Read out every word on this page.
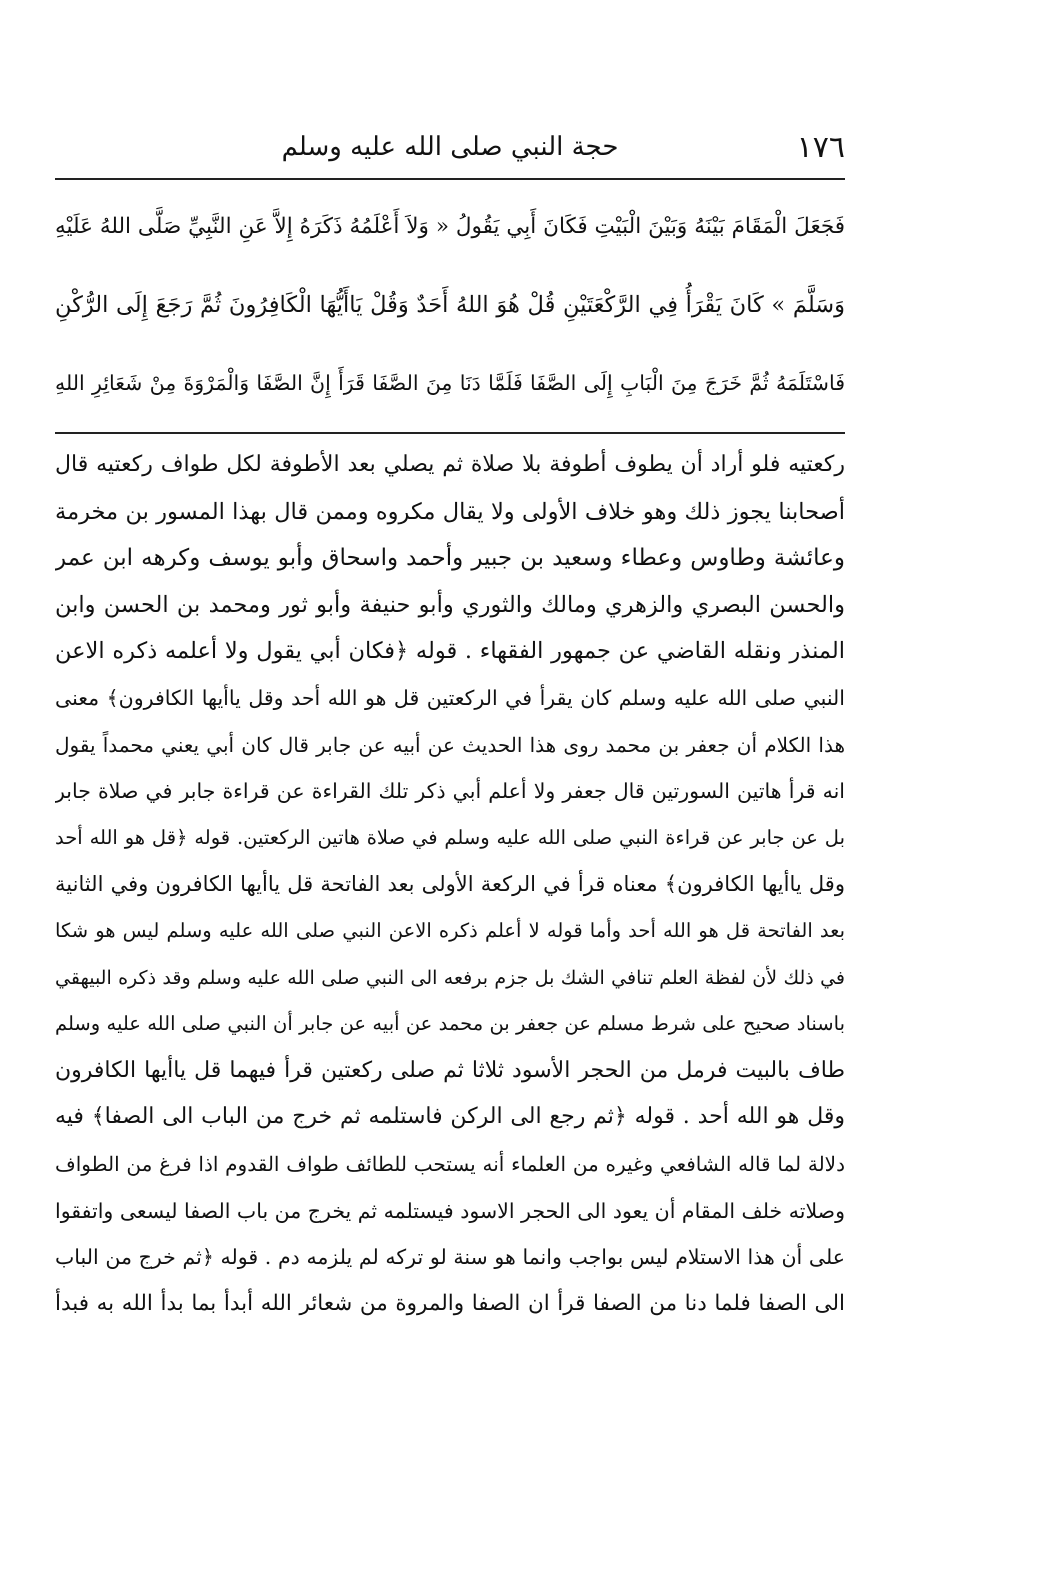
١٧٦
حجة النبي صلى الله عليه وسلم
فَجَعَلَ الْمَقَامَ بَيْنَهُ وَبَيْنَ الْبَيْتِ فَكَانَ أَبِي يَقُولُ « وَلاَ أَعْلَمُهُ ذَكَرَهُ إِلاَّ عَنِ النَّبِيِّ صَلَّى اللهُ عَلَيْهِ
وَسَلَّمَ » كَانَ يَقْرَأُ فِي الرَّكْعَتَيْنِ قُلْ هُوَ اللهُ أَحَدٌ وَقُلْ يَاأَيُّهَا الْكَافِرُونَ ثُمَّ رَجَعَ إِلَى الرُّكْنِ
فَاسْتَلَمَهُ ثُمَّ خَرَجَ مِنَ الْبَابِ إِلَى الصَّفَا فَلَمَّا دَنَا مِنَ الصَّفَا قَرَأَ إِنَّ الصَّفَا وَالْمَرْوَةَ مِنْ شَعَائِرِ اللهِ
ركعتيه فلو أراد أن يطوف أطوفة بلا صلاة ثم يصلي بعد الأطوفة لكل طواف ركعتيه قال
أصحابنا يجوز ذلك وهو خلاف الأولى ولا يقال مكروه وممن قال بهذا المسور بن مخرمة
وعائشة وطاوس وعطاء وسعيد بن جبير وأحمد واسحاق وأبو يوسف وكرهه ابن عمر
والحسن البصري والزهري ومالك والثوري وأبو حنيفة وأبو ثور ومحمد بن الحسن وابن
المنذر ونقله القاضي عن جمهور الفقهاء . قوله ﴿فكان أبي يقول ولا أعلمه ذكره الاعن
النبي صلى الله عليه وسلم كان يقرأ في الركعتين قل هو الله أحد وقل ياأيها الكافرون﴾ معنى
هذا الكلام أن جعفر بن محمد روى هذا الحديث عن أبيه عن جابر قال كان أبي يعني محمداً يقول
انه قرأ هاتين السورتين قال جعفر ولا أعلم أبي ذكر تلك القراءة عن قراءة جابر في صلاة جابر
بل عن جابر عن قراءة النبي صلى الله عليه وسلم في صلاة هاتين الركعتين. قوله ﴿قل هو الله أحد
وقل ياأيها الكافرون﴾ معناه قرأ في الركعة الأولى بعد الفاتحة قل ياأيها الكافرون وفي الثانية
بعد الفاتحة قل هو الله أحد وأما قوله لا أعلم ذكره الاعن النبي صلى الله عليه وسلم ليس هو شكا
في ذلك لأن لفظة العلم تنافي الشك بل جزم برفعه الى النبي صلى الله عليه وسلم وقد ذكره البيهقي
باسناد صحيح على شرط مسلم عن جعفر بن محمد عن أبيه عن جابر أن النبي صلى الله عليه وسلم
طاف بالبيت فرمل من الحجر الأسود ثلاثا ثم صلى ركعتين قرأ فيهما قل ياأيها الكافرون
وقل هو الله أحد . قوله ﴿ثم رجع الى الركن فاستلمه ثم خرج من الباب الى الصفا﴾ فيه
دلالة لما قاله الشافعي وغيره من العلماء أنه يستحب للطائف طواف القدوم اذا فرغ من الطواف
وصلاته خلف المقام أن يعود الى الحجر الاسود فيستلمه ثم يخرج من باب الصفا ليسعى واتفقوا
على أن هذا الاستلام ليس بواجب وانما هو سنة لو تركه لم يلزمه دم . قوله ﴿ثم خرج من الباب
الى الصفا فلما دنا من الصفا قرأ ان الصفا والمروة من شعائر الله أبدأ بما بدأ الله به فبدأ
